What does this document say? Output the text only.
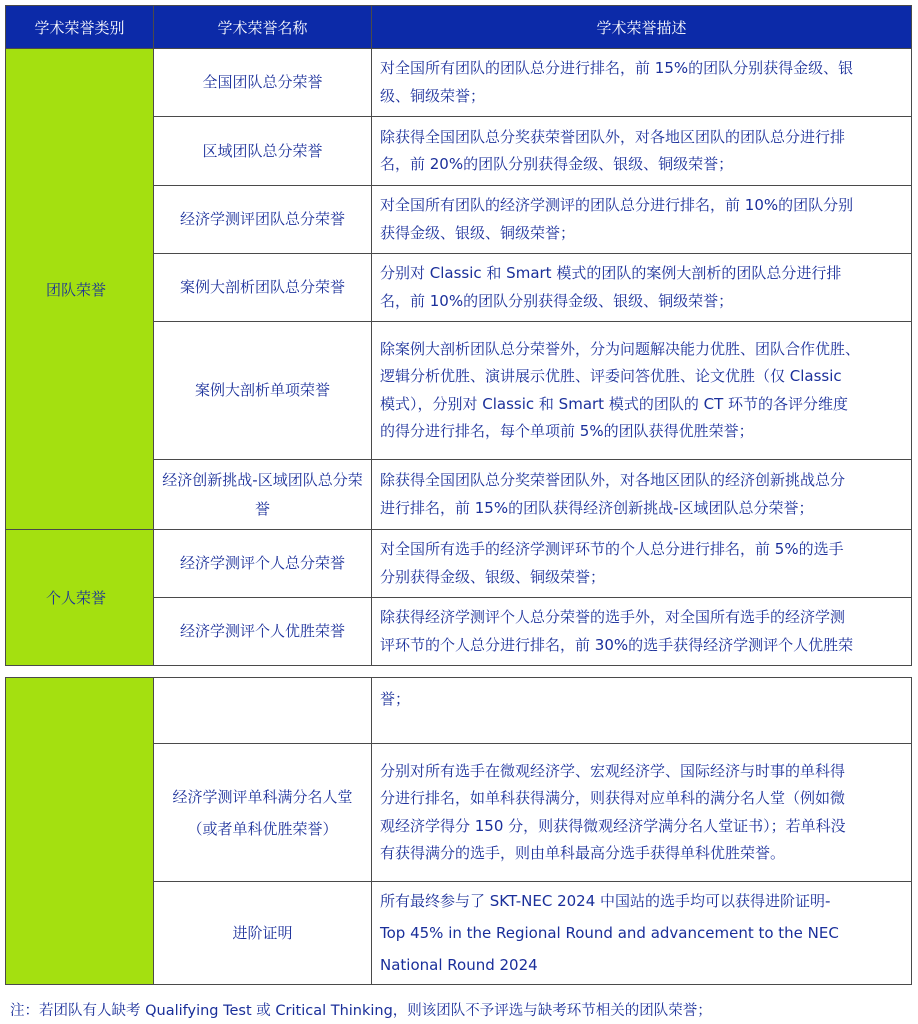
学术荣誉类别	学术荣誉名称	学术荣誉描述
团队荣誉	全国团队总分荣誉	对全国所有团队的团队总分进行排名，前 15%的团队分别获得金级、银
级、铜级荣誉；
	区域团队总分荣誉	除获得全国团队总分奖获荣誉团队外，对各地区团队的团队总分进行排
名，前 20%的团队分别获得金级、银级、铜级荣誉；
	经济学测评团队总分荣誉	对全国所有团队的经济学测评的团队总分进行排名，前 10%的团队分别
获得金级、银级、铜级荣誉；
	案例大剖析团队总分荣誉	分别对 Classic 和 Smart 模式的团队的案例大剖析的团队总分进行排
名，前 10%的团队分别获得金级、银级、铜级荣誉；
	案例大剖析单项荣誉	除案例大剖析团队总分荣誉外，分为问题解决能力优胜、团队合作优胜、
逻辑分析优胜、演讲展示优胜、评委问答优胜、论文优胜（仅 Classic
模式），分别对 Classic 和 Smart 模式的团队的 CT 环节的各评分维度
的得分进行排名，每个单项前 5%的团队获得优胜荣誉；
	经济创新挑战-区域团队总分荣誉	除获得全国团队总分奖荣誉团队外，对各地区团队的经济创新挑战总分
进行排名，前 15%的团队获得经济创新挑战-区域团队总分荣誉；
个人荣誉	经济学测评个人总分荣誉	对全国所有选手的经济学测评环节的个人总分进行排名，前 5%的选手
分别获得金级、银级、铜级荣誉；
	经济学测评个人优胜荣誉	除获得经济学测评个人总分荣誉的选手外，对全国所有选手的经济学测
评环节的个人总分进行排名，前 30%的选手获得经济学测评个人优胜荣
		誉；
	经济学测评单科满分名人堂
（或者单科优胜荣誉）	分别对所有选手在微观经济学、宏观经济学、国际经济与时事的单科得
分进行排名，如单科获得满分，则获得对应单科的满分名人堂（例如微
观经济学得分 150 分，则获得微观经济学满分名人堂证书）；若单科没
有获得满分的选手，则由单科最高分选手获得单科优胜荣誉。
	进阶证明	所有最终参与了 SKT-NEC 2024 中国站的选手均可以获得进阶证明-
Top 45% in the Regional Round and advancement to the NEC
National Round 2024
注：若团队有人缺考 Qualifying Test 或 Critical Thinking，则该团队不予评选与缺考环节相关的团队荣誉；
